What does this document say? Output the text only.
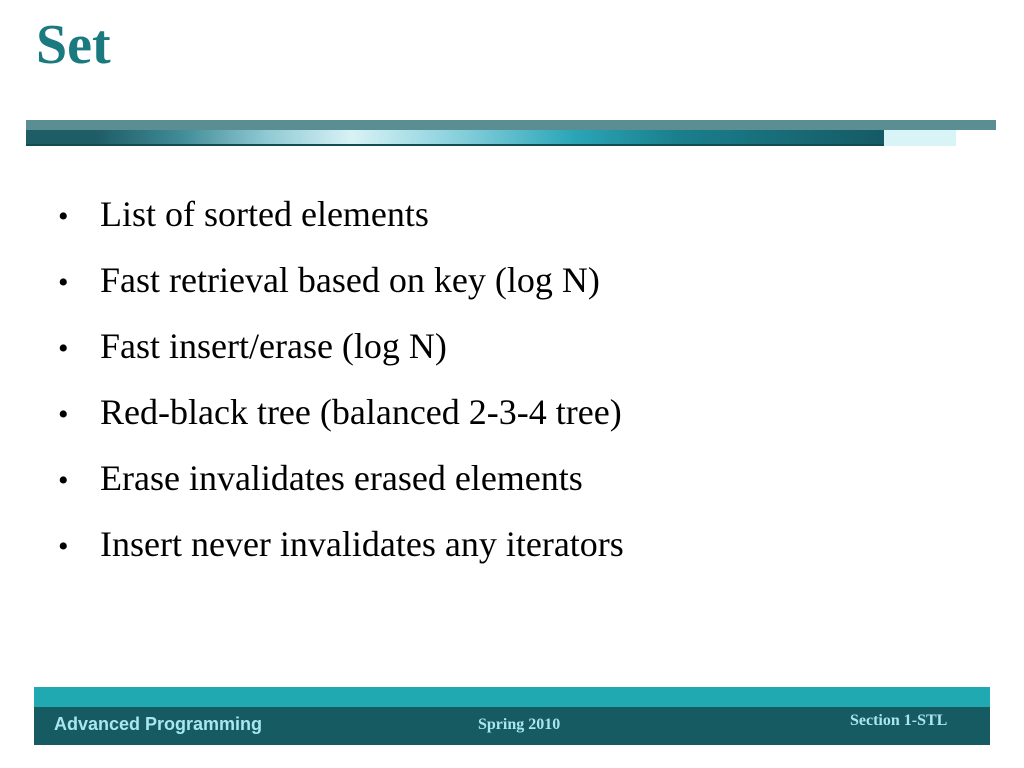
Set
• List of sorted elements
• Fast retrieval based on key (log N)
• Fast insert/erase (log N)
• Red-black tree (balanced 2-3-4 tree)
• Erase invalidates erased elements
• Insert never invalidates any iterators

Advanced Programming	Spring 2010	Section 1-STL
